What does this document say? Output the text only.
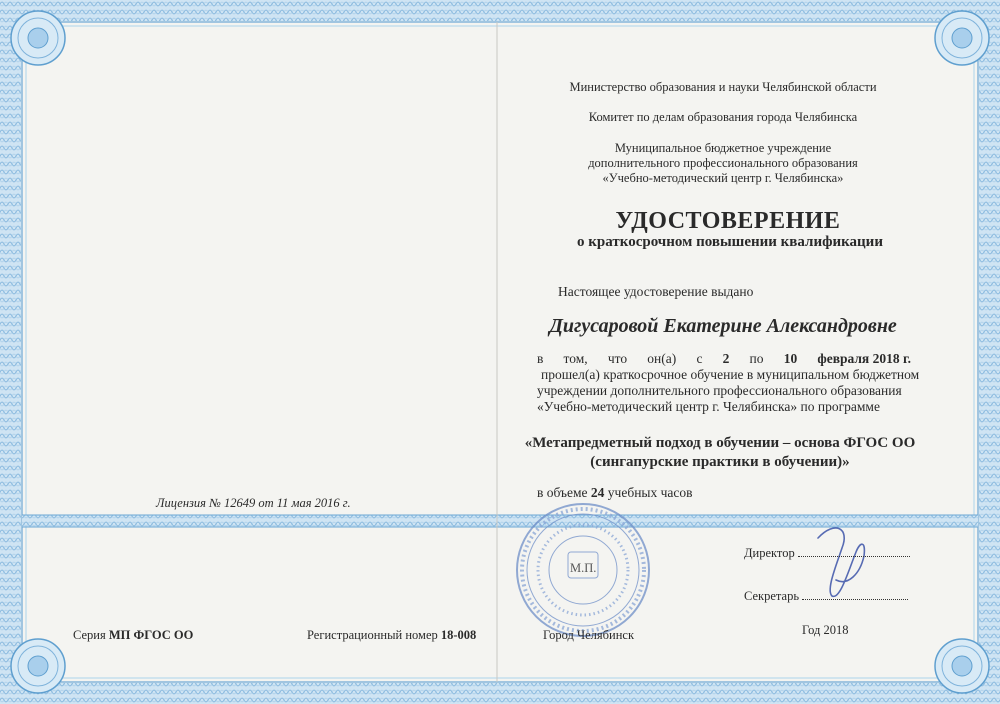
Лицензия № 12649 от 11 мая 2016 г.
Серия МП ФГОС ОО	Регистрационный номер 18-008
Министерство образования и науки Челябинской области
Комитет по делам образования города Челябинска
Муниципальное бюджетное учреждение
дополнительного профессионального образования
«Учебно-методический центр г. Челябинска»
УДОСТОВЕРЕНИЕ
о краткосрочном повышении квалификации
Настоящее удостоверение выдано
Дигусаровой Екатерине Александровне
в том, что он(а) с 2 по 10 февраля 2018 г.
прошел(а) краткосрочное обучение в муниципальном бюджетном
учреждении дополнительного профессионального образования
«Учебно-методический центр г. Челябинска» по программе
«Метапредметный подход в обучении – основа ФГОС ОО
(сингапурские практики в обучении)»
в объеме 24 учебных часов
М.П.
Директор
Секретарь
Город Челябинск	Год 2018
